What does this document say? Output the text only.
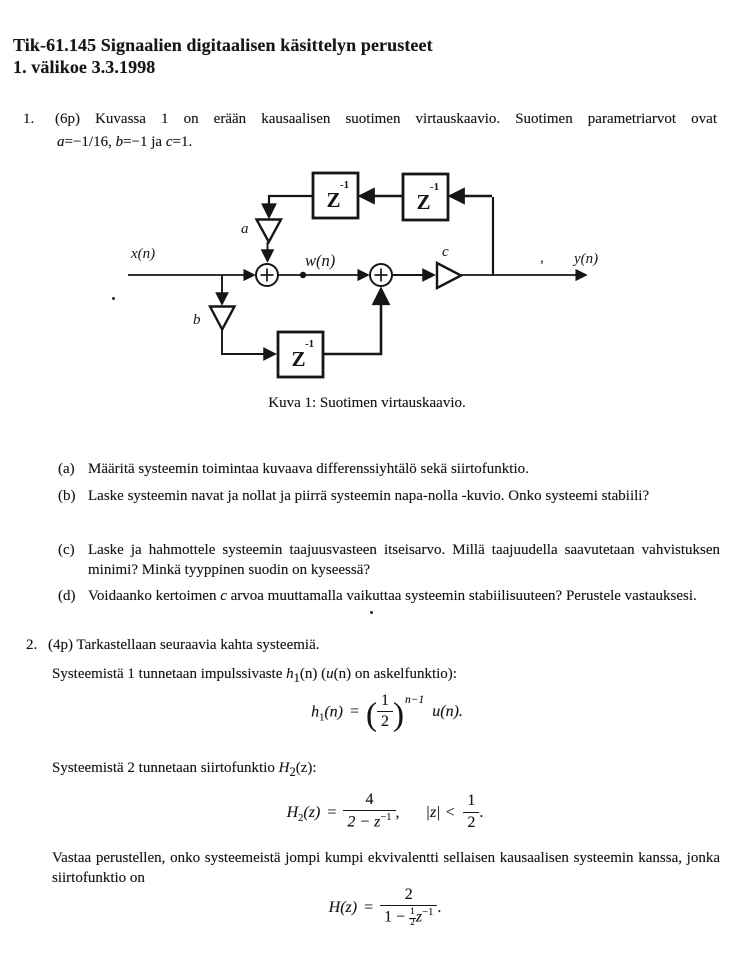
Tik-61.145 Signaalien digitaalisen käsittelyn perusteet
1. välikoe 3.3.1998
1. (6p) Kuvassa 1 on erään kausaalisen suotimen virtauskaavio. Suotimen parametriarvot ovat
a=−1/16, b=−1 ja c=1.
x(n)	w(n)	, y(n)
a
b
c
Z
-1
Z
-1
Z
-1
Kuva 1: Suotimen virtauskaavio.
(a) Määritä systeemin toimintaa kuvaava differenssiyhtälö sekä siirtofunktio.
(b) Laske systeemin navat ja nollat ja piirrä systeemin napa-nolla -kuvio. Onko systeemi stabiili?
(c) Laske ja hahmottele systeemin taajuusvasteen itseisarvo. Millä taajuudella saavutetaan vahvistuksen minimi? Minkä tyyppinen suodin on kyseessä?
(d) Voidaanko kertoimen c arvoa muuttamalla vaikuttaa systeemin stabiilisuuteen? Perustele vastauksesi.
2. (4p) Tarkastellaan seuraavia kahta systeemiä.
Systeemistä 1 tunnetaan impulssivaste $h_1(n)$ (u(n) on askelfunktio):
$h_1(n)$ = ( $\frac{1}{2} )^{n-1}u(n)$.
Systeemistä 2 tunnetaan siirtofunktio $H_2(z)$:
$H_2(z) = \frac{4}{2 - z^{-1}}$ , $|z| < \frac{1}{2}$ .
Vastaa perustellen, onko systeemeistä jompi kumpi ekvivalentti sellaisen kausaalisen systeemin kanssa, jonka siirtofunktio on
$H(z) = \frac{2}{1 - \frac{1}{2} z^{-1}}$ .
